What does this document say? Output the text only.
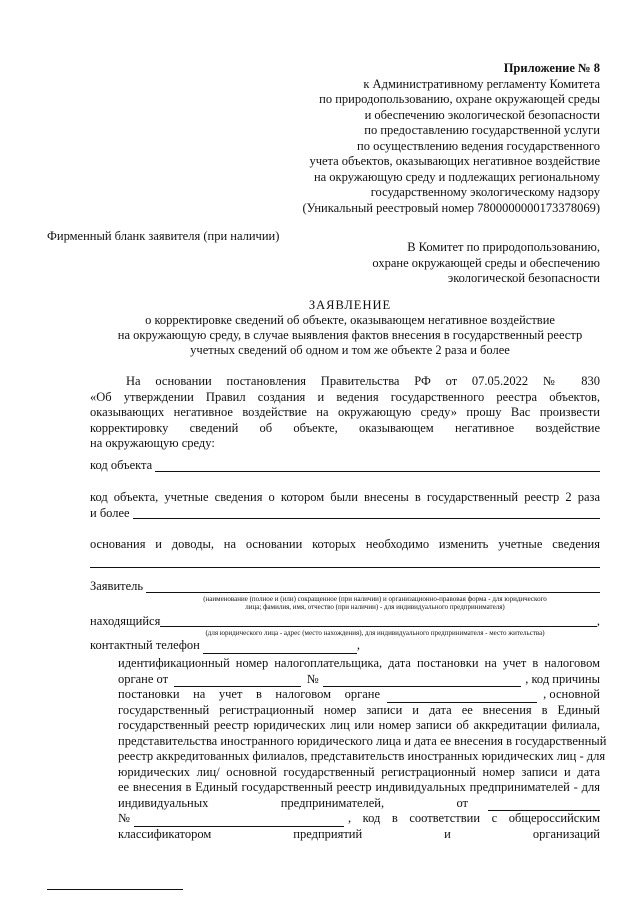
Приложение № 8
к Административному регламенту Комитета
по природопользованию, охране окружающей среды
и обеспечению экологической безопасности
по предоставлению государственной услуги
по осуществлению ведения государственного
учета объектов, оказывающих негативное воздействие
на окружающую среду и подлежащих региональному
государственному экологическому надзору
(Уникальный реестровый номер 7800000000173378069)
Фирменный бланк заявителя (при наличии)
В Комитет по природопользованию,
охране окружающей среды и обеспечению
экологической безопасности
ЗАЯВЛЕНИЕ
о корректировке сведений об объекте, оказывающем негативное воздействие
на окружающую среду, в случае выявления фактов внесения в государственный реестр
учетных сведений об одном и том же объекте 2 раза и более
На основании постановления Правительства РФ от 07.05.2022 № 830
«Об утверждении Правил создания и ведения государственного реестра объектов,
оказывающих негативное воздействие на окружающую среду» прошу Вас произвести
корректировку сведений об объекте, оказывающем негативное воздействие
на окружающую среду:
код объекта
код объекта, учетные сведения о котором были внесены в государственный реестр 2 раза
и более
основания и доводы, на основании которых необходимо изменить учетные сведения
Заявитель
(наименование (полное и (или) сокращенное (при наличии) и организационно-правовая форма - для юридического
лица; фамилия, имя, отчество (при наличии) - для индивидуального предпринимателя)
находящийся	,
(для юридического лица - адрес (место нахождения), для индивидуального предпринимателя - место жительства)
контактный телефон	,
идентификационный номер налогоплательщика, дата постановки на учет в налоговом
органе от	№	, код причины
постановки на учет в налоговом органе	, основной
государственный регистрационный номер записи и дата ее внесения в Единый
государственный реестр юридических лиц или номер записи об аккредитации филиала,
представительства иностранного юридического лица и дата ее внесения в государственный
реестр аккредитованных филиалов, представительств иностранных юридических лиц - для
юридических лиц/ основной государственный регистрационный номер записи и дата
ее внесения в Единый государственный реестр индивидуальных предпринимателей - для
индивидуальных предпринимателей, от
№	, код в соответствии с общероссийским
классификатором предприятий и организаций
